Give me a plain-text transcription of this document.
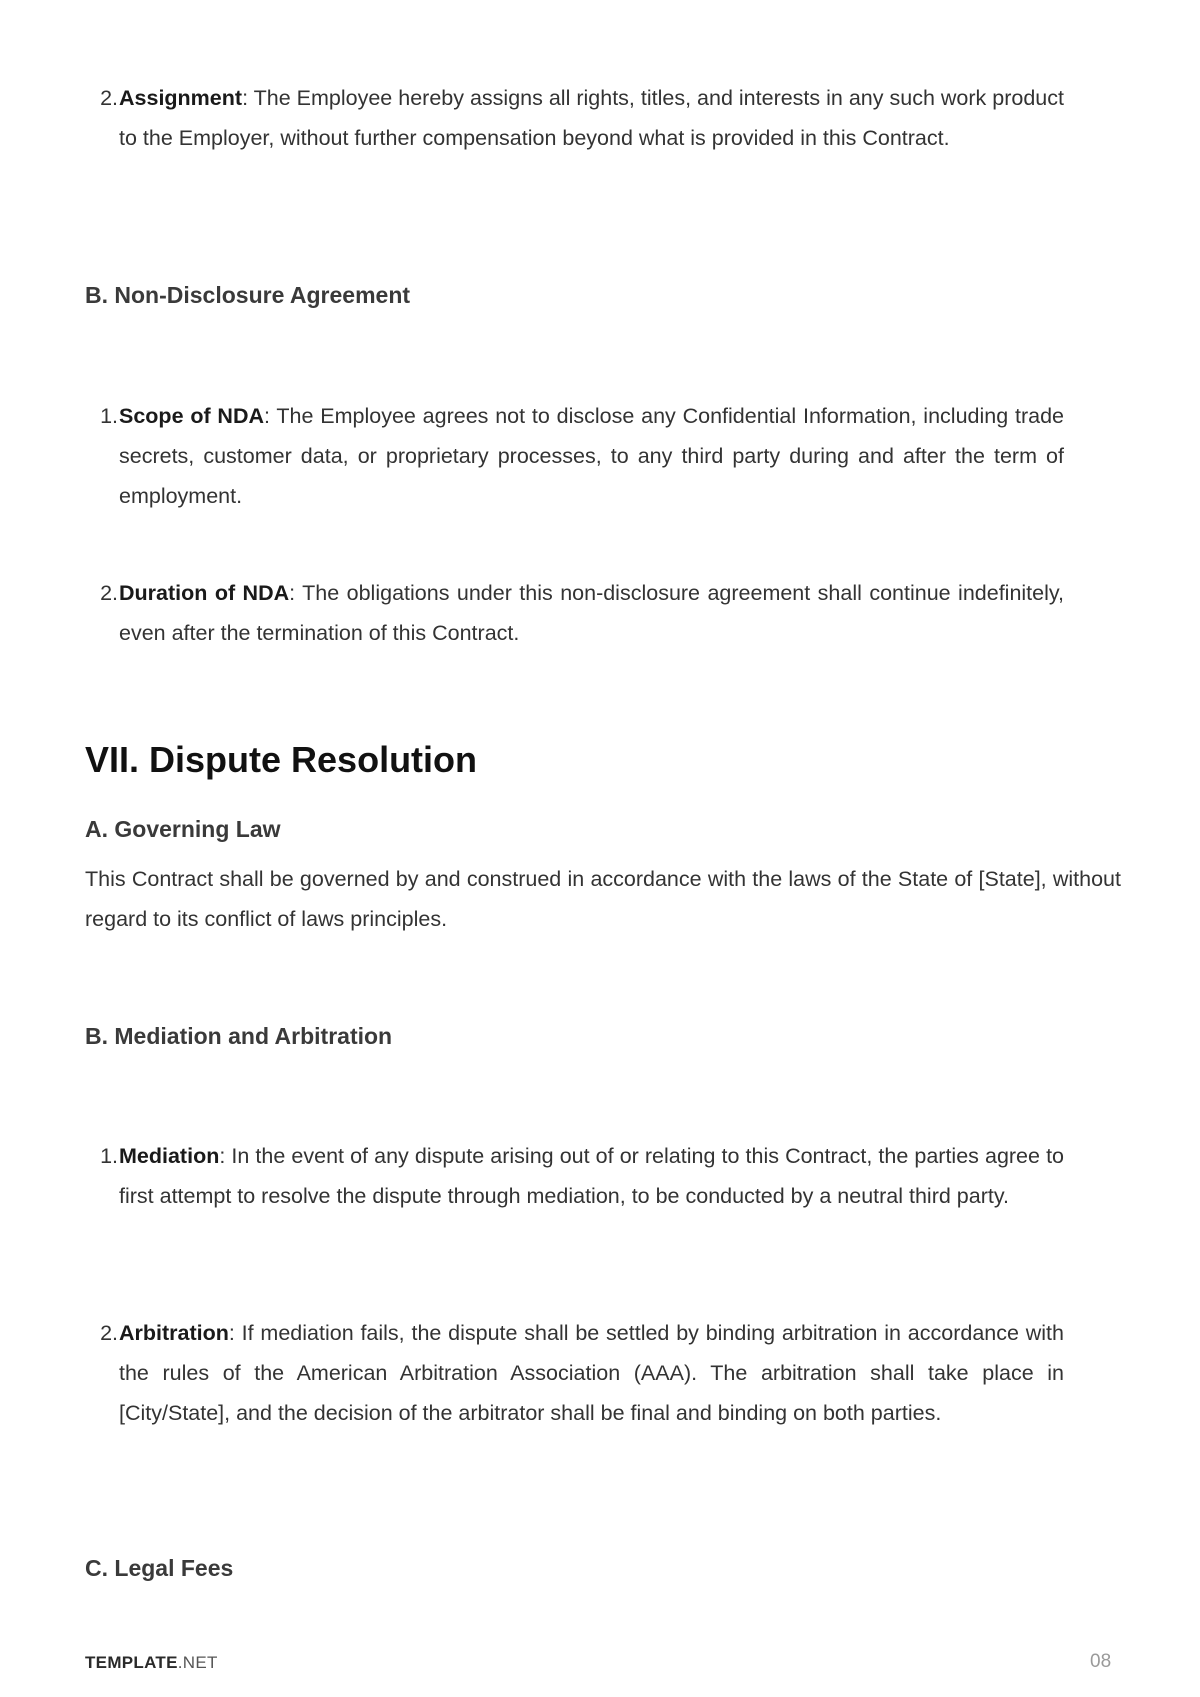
2. Assignment: The Employee hereby assigns all rights, titles, and interests in any such work product to the Employer, without further compensation beyond what is provided in this Contract.
B. Non-Disclosure Agreement
1. Scope of NDA: The Employee agrees not to disclose any Confidential Information, including trade secrets, customer data, or proprietary processes, to any third party during and after the term of employment.
2. Duration of NDA: The obligations under this non-disclosure agreement shall continue indefinitely, even after the termination of this Contract.
VII. Dispute Resolution
A. Governing Law
This Contract shall be governed by and construed in accordance with the laws of the State of [State], without regard to its conflict of laws principles.
B. Mediation and Arbitration
1. Mediation: In the event of any dispute arising out of or relating to this Contract, the parties agree to first attempt to resolve the dispute through mediation, to be conducted by a neutral third party.
2. Arbitration: If mediation fails, the dispute shall be settled by binding arbitration in accordance with the rules of the American Arbitration Association (AAA). The arbitration shall take place in [City/State], and the decision of the arbitrator shall be final and binding on both parties.
C. Legal Fees
TEMPLATE.NET	08
